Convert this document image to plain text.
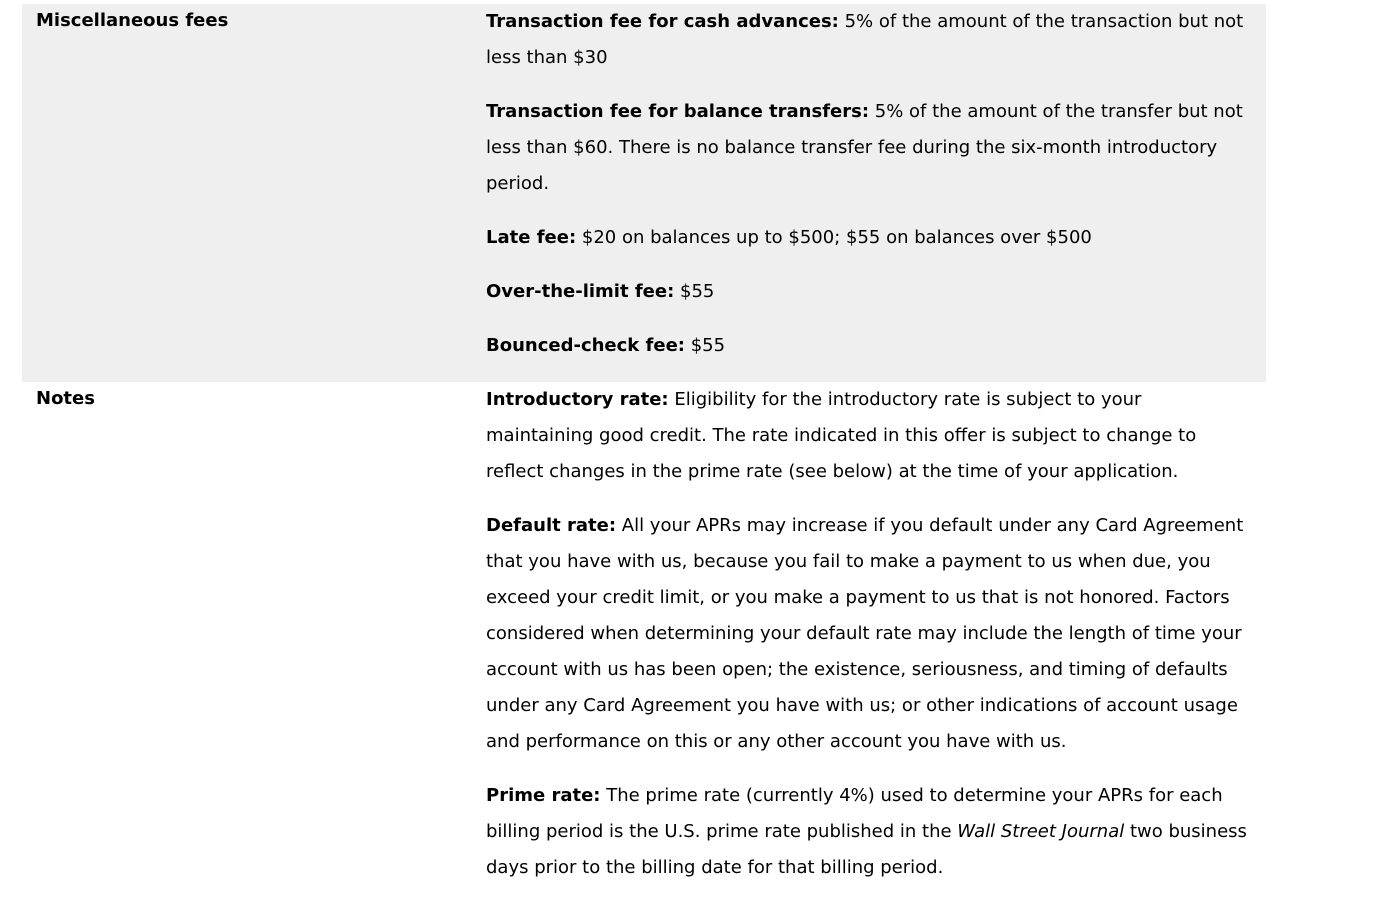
Miscellaneous fees	Transaction fee for cash advances: 5% of the amount of the transaction but not less than $30

Transaction fee for balance transfers: 5% of the amount of the transfer but not less than $60. There is no balance transfer fee during the six-month introductory period.

Late fee: $20 on balances up to $500; $55 on balances over $500

Over-the-limit fee: $55

Bounced-check fee: $55

Notes	Introductory rate: Eligibility for the introductory rate is subject to your maintaining good credit. The rate indicated in this offer is subject to change to reflect changes in the prime rate (see below) at the time of your application.

Default rate: All your APRs may increase if you default under any Card Agreement that you have with us, because you fail to make a payment to us when due, you exceed your credit limit, or you make a payment to us that is not honored. Factors considered when determining your default rate may include the length of time your account with us has been open; the existence, seriousness, and timing of defaults under any Card Agreement you have with us; or other indications of account usage and performance on this or any other account you have with us.

Prime rate: The prime rate (currently 4%) used to determine your APRs for each billing period is the U.S. prime rate published in the Wall Street Journal two business days prior to the billing date for that billing period.
